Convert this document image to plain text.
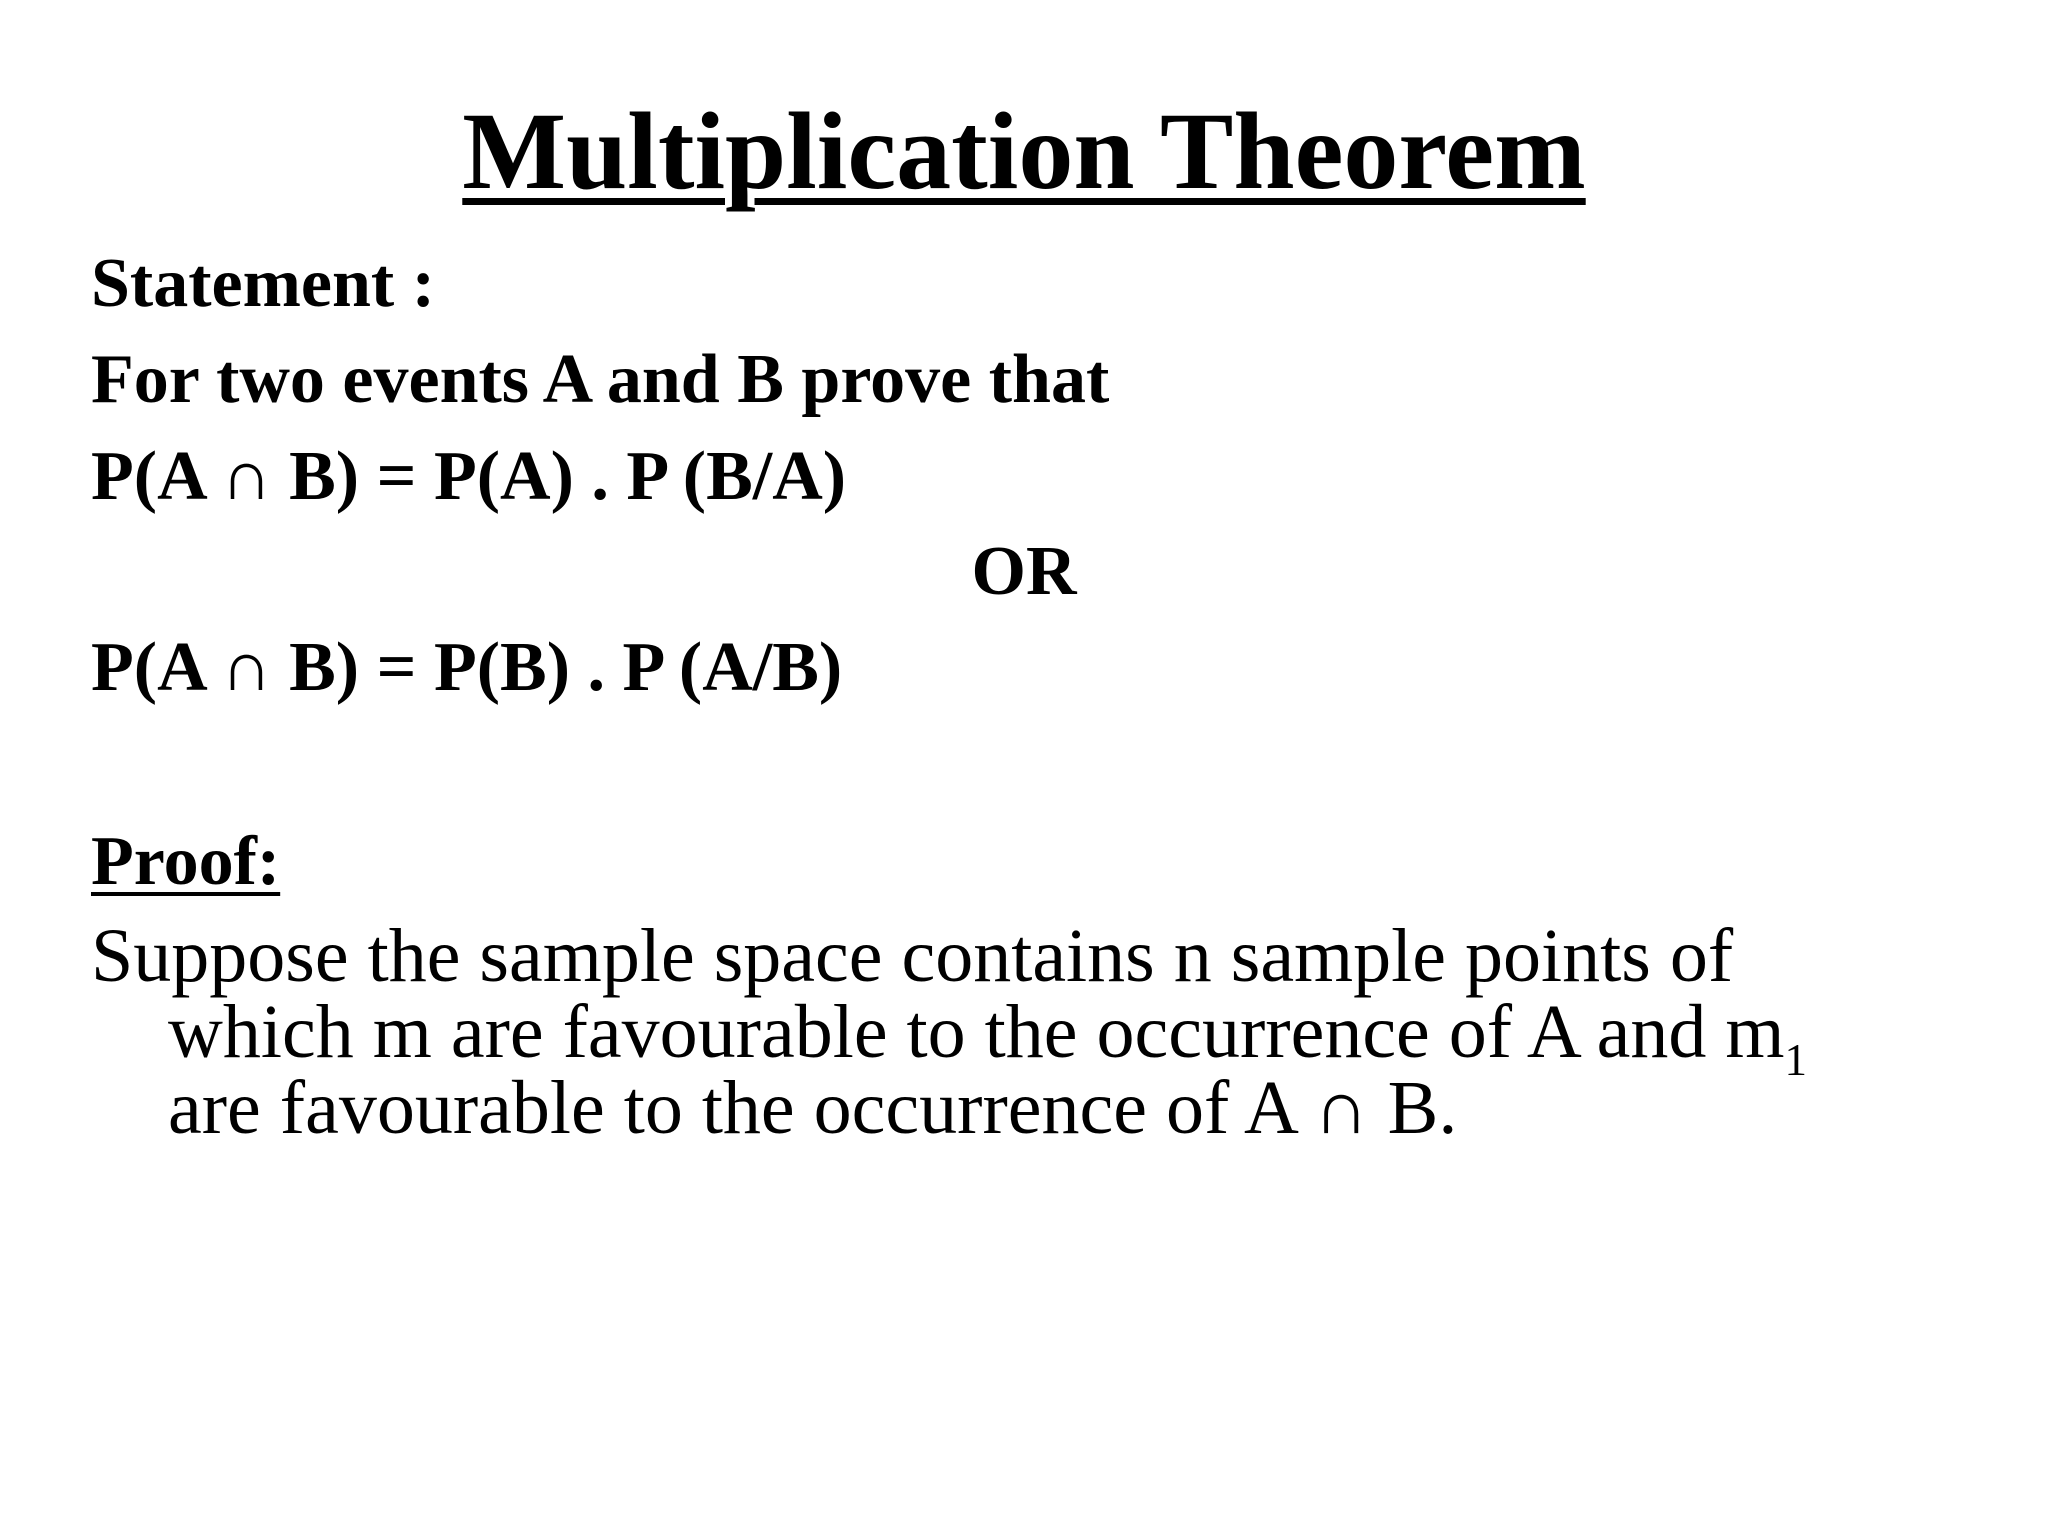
Multiplication Theorem
Statement :
For two events A and B prove that
P(A ∩ B) = P(A) . P (B/A)
OR
P(A ∩ B) = P(B) . P (A/B)
Proof:
Suppose the sample space contains n sample points of
which m are favourable to the occurrence of A and $m_1$
are favourable to the occurrence of A ∩ B.
